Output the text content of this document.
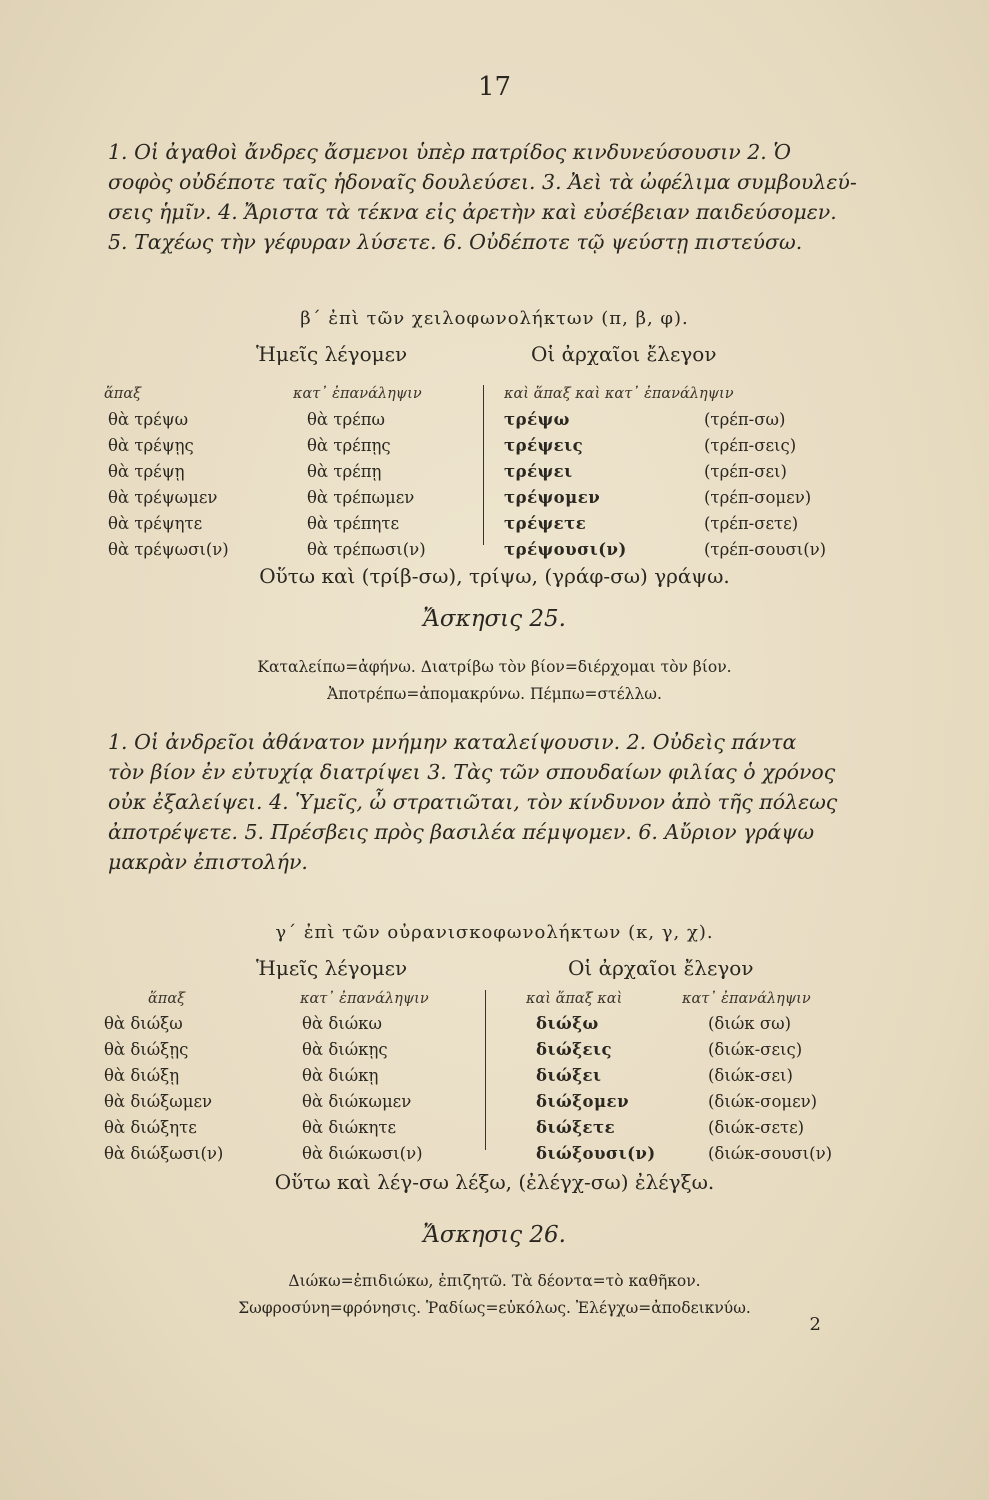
17
1. Οἱ ἀγαθοὶ ἄνδρες ἄσμενοι ὑπὲρ πατρίδος κινδυνεύσουσιν 2. Ὁ
σοφὸς οὐδέποτε ταῖς ἡδοναῖς δουλεύσει. 3. Ἀεὶ τὰ ὠφέλιμα συμβουλεύ-
σεις ἡμῖν. 4. Ἄριστα τὰ τέκνα εἰς ἀρετὴν καὶ εὐσέβειαν παιδεύσομεν.
5. Ταχέως τὴν γέφυραν λύσετε. 6. Οὐδέποτε τῷ ψεύστῃ πιστεύσω.
β΄ ἐπὶ τῶν χειλοφωνολήκτων (π, β, φ).
Ἡμεῖς λέγομεν	Οἱ ἀρχαῖοι ἔλεγον
ἅπαξ	κατ᾽ ἐπανάληψιν	καὶ ἅπαξ καὶ κατ᾽ ἐπανάληψιν
θὰ τρέψω	θὰ τρέπω	τρέψω	(τρέπ-σω)
θὰ τρέψῃς	θὰ τρέπῃς	τρέψεις	(τρέπ-σεις)
θὰ τρέψῃ	θὰ τρέπῃ	τρέψει	(τρέπ-σει)
θὰ τρέψωμεν	θὰ τρέπωμεν	τρέψομεν	(τρέπ-σομεν)
θὰ τρέψητε	θὰ τρέπητε	τρέψετε	(τρέπ-σετε)
θὰ τρέψωσι(ν)	θὰ τρέπωσι(ν)	τρέψουσι(ν)	(τρέπ-σουσι(ν)
Οὕτω καὶ (τρίβ-σω), τρίψω, (γράφ-σω) γράψω.
Ἄσκησις 25.
Καταλείπω=ἀφήνω. Διατρίβω τὸν βίον=διέρχομαι τὸν βίον.
Ἀποτρέπω=ἀπομακρύνω. Πέμπω=στέλλω.
1. Οἱ ἀνδρεῖοι ἀθάνατον μνήμην καταλείψουσιν. 2. Οὐδεὶς πάντα
τὸν βίον ἐν εὐτυχίᾳ διατρίψει 3. Τὰς τῶν σπουδαίων φιλίας ὁ χρόνος
οὐκ ἐξαλείψει. 4. Ὑμεῖς, ὦ στρατιῶται, τὸν κίνδυνον ἀπὸ τῆς πόλεως
ἀποτρέψετε. 5. Πρέσβεις πρὸς βασιλέα πέμψομεν. 6. Αὔριον γράψω
μακρὰν ἐπιστολήν.
γ΄ ἐπὶ τῶν οὐρανισκοφωνολήκτων (κ, γ, χ).
Ἡμεῖς λέγομεν	Οἱ ἀρχαῖοι ἔλεγον
ἅπαξ	κατ᾽ ἐπανάληψιν	καὶ ἅπαξ καὶ	κατ᾽ ἐπανάληψιν
θὰ διώξω	θὰ διώκω	διώξω	(διώκ σω)
θὰ διώξῃς	θὰ διώκῃς	διώξεις	(διώκ-σεις)
θὰ διώξῃ	θὰ διώκῃ	διώξει	(διώκ-σει)
θὰ διώξωμεν	θὰ διώκωμεν	διώξομεν	(διώκ-σομεν)
θὰ διώξητε	θὰ διώκητε	διώξετε	(διώκ-σετε)
θὰ διώξωσι(ν)	θὰ διώκωσι(ν)	διώξουσι(ν)	(διώκ-σουσι(ν)
Οὕτω καὶ λέγ-σω λέξω, (ἐλέγχ-σω) ἐλέγξω.
Ἄσκησις 26.
Διώκω=ἐπιδιώκω, ἐπιζητῶ. Τὰ δέοντα=τὸ καθῆκον.
Σωφροσύνη=φρόνησις. Ῥαδίως=εὐκόλως. Ἐλέγχω=ἀποδεικνύω.
2
